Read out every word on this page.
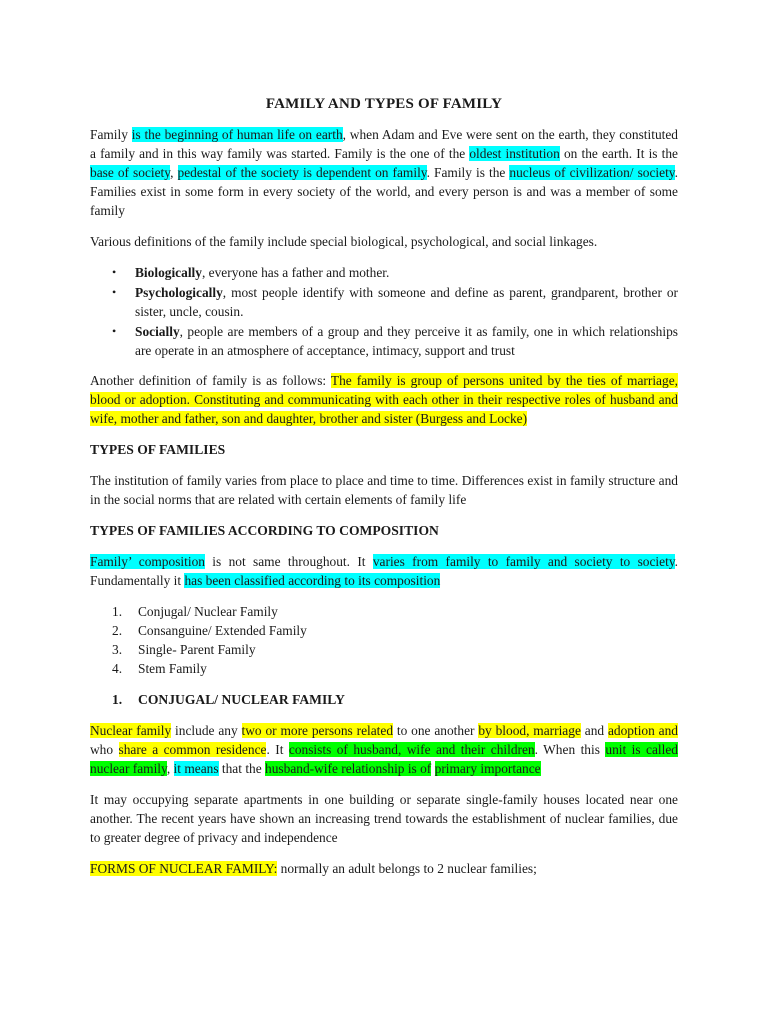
FAMILY AND TYPES OF FAMILY

Family is the beginning of human life on earth, when Adam and Eve were sent on the earth, they constituted a family and in this way family was started. Family is the one of the oldest institution on the earth. It is the base of society, pedestal of the society is dependent on family. Family is the nucleus of civilization/ society. Families exist in some form in every society of the world, and every person is and was a member of some family

Various definitions of the family include special biological, psychological, and social linkages.

• Biologically, everyone has a father and mother.
• Psychologically, most people identify with someone and define as parent, grandparent, brother or sister, uncle, cousin.
• Socially, people are members of a group and they perceive it as family, one in which relationships are operate in an atmosphere of acceptance, intimacy, support and trust

Another definition of family is as follows: The family is group of persons united by the ties of marriage, blood or adoption. Constituting and communicating with each other in their respective roles of husband and wife, mother and father, son and daughter, brother and sister (Burgess and Locke)

TYPES OF FAMILIES

The institution of family varies from place to place and time to time. Differences exist in family structure and in the social norms that are related with certain elements of family life

TYPES OF FAMILIES ACCORDING TO COMPOSITION

Family’ composition is not same throughout. It varies from family to family and society to society. Fundamentally it has been classified according to its composition

1. Conjugal/ Nuclear Family
2. Consanguine/ Extended Family
3. Single- Parent Family
4. Stem Family
1. CONJUGAL/ NUCLEAR FAMILY

Nuclear family include any two or more persons related to one another by blood, marriage and adoption and who share a common residence. It consists of husband, wife and their children. When this unit is called nuclear family, it means that the husband-wife relationship is of primary importance

It may occupying separate apartments in one building or separate single-family houses located near one another. The recent years have shown an increasing trend towards the establishment of nuclear families, due to greater degree of privacy and independence

FORMS OF NUCLEAR FAMILY: normally an adult belongs to 2 nuclear families;
